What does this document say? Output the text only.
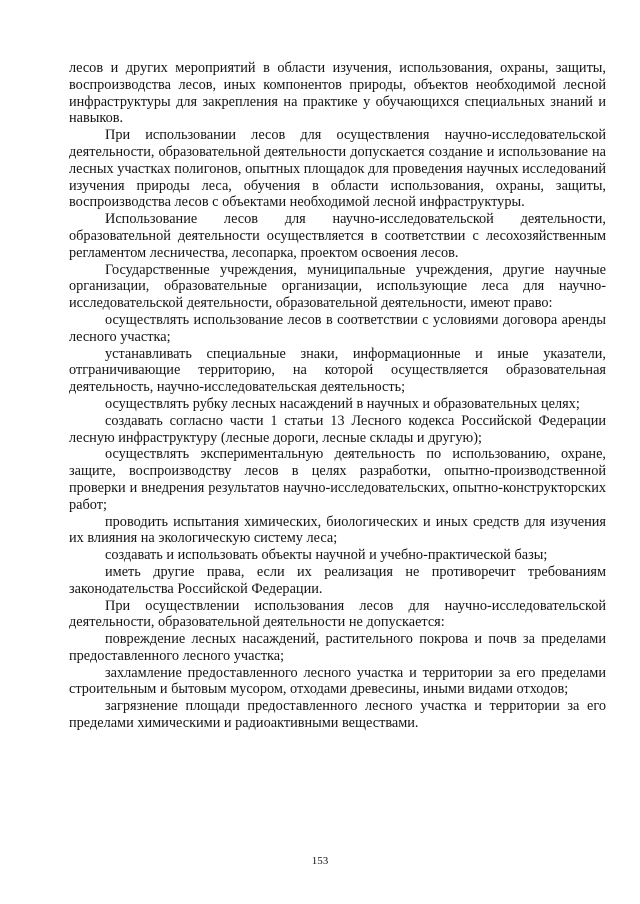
лесов и других мероприятий в области изучения, использования, охраны, защиты, воспроизводства лесов, иных компонентов природы, объектов необходимой лесной инфраструктуры для закрепления на практике у обучающихся специальных знаний и навыков.

При использовании лесов для осуществления научно-исследовательской деятельности, образовательной деятельности допускается создание и использование на лесных участках полигонов, опытных площадок для проведения научных исследований изучения природы леса, обучения в области использования, охраны, защиты, воспроизводства лесов с объектами необходимой лесной инфраструктуры.

Использование лесов для научно-исследовательской деятельности, образовательной деятельности осуществляется в соответствии с лесохозяйственным регламентом лесничества, лесопарка, проектом освоения лесов.

Государственные учреждения, муниципальные учреждения, другие научные организации, образовательные организации, использующие леса для научно-исследовательской деятельности, образовательной деятельности, имеют право:

осуществлять использование лесов в соответствии с условиями договора аренды лесного участка;

устанавливать специальные знаки, информационные и иные указатели, отграничивающие территорию, на которой осуществляется образовательная деятельность, научно-исследовательская деятельность;

осуществлять рубку лесных насаждений в научных и образовательных целях;

создавать согласно части 1 статьи 13 Лесного кодекса Российской Федерации лесную инфраструктуру (лесные дороги, лесные склады и другую);

осуществлять экспериментальную деятельность по использованию, охране, защите, воспроизводству лесов в целях разработки, опытно-производственной проверки и внедрения результатов научно-исследовательских, опытно-конструкторских работ;

проводить испытания химических, биологических и иных средств для изучения их влияния на экологическую систему леса;

создавать и использовать объекты научной и учебно-практической базы;

иметь другие права, если их реализация не противоречит требованиям законодательства Российской Федерации.

При осуществлении использования лесов для научно-исследовательской деятельности, образовательной деятельности не допускается:

повреждение лесных насаждений, растительного покрова и почв за пределами предоставленного лесного участка;

захламление предоставленного лесного участка и территории за его пределами строительным и бытовым мусором, отходами древесины, иными видами отходов;

загрязнение площади предоставленного лесного участка и территории за его пределами химическими и радиоактивными веществами.

153
